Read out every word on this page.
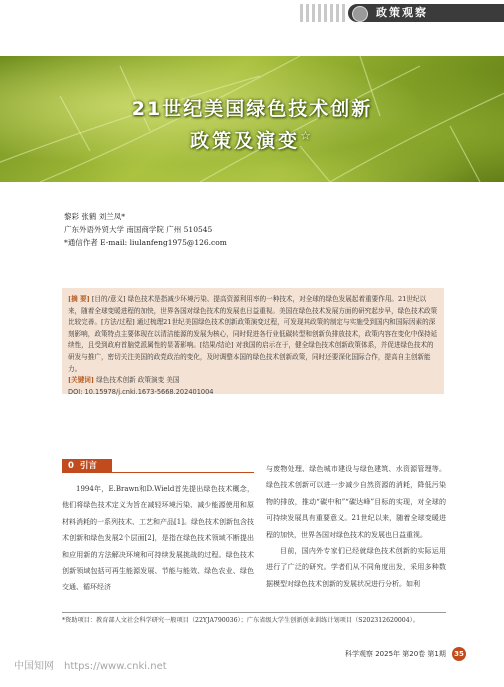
政策观察
21世纪美国绿色技术创新
政策及演变☆
黎彩 张鹤 刘兰凤*
广东外语外贸大学 南国商学院 广州 510545
*通信作者 E-mail: liulanfeng1975@126.com

[摘 要] [目的/意义] 绿色技术是指减少环境污染、提高资源利用率的一种技术，对全球的绿色发展起着重要作用。21世纪以来，随着全球变暖进程的加快，世界各国对绿色技术的发展也日益重视。美国在绿色技术发展方面的研究起步早，绿色技术政策比较完善。[方法/过程] 通过梳理21世纪美国绿色技术创新政策演变过程，可发现其政策的制定与实施受到国内和国际因素的深刻影响，政策特点主要体现在以清洁能源的发展为核心，同时促进各行业低碳转型和创新负排放技术，政策内容在变化中保持延续性，且受到政府首脑党派属性的显著影响。[结果/结论] 对我国的启示在于，健全绿色技术创新政策体系，并促进绿色技术的研发与推广，密切关注美国的政党政治的变化，及时调整本国的绿色技术创新政策，同时还要深化国际合作，提高自主创新能力。

[关键词] 绿色技术创新 政策演变 美国

DOI: 10.15978/j.cnki.1673-5668.202401004

0 引言

1994年，E.Brawn和D.Wield首先提出绿色技术概念，他们将绿色技术定义为旨在减轻环境污染、减少能源使用和原材料消耗的一系列技术、工艺和产品[1]。绿色技术创新包含技术创新和绿色发展2个层面[2]，是指在绿色技术领域不断提出和应用新的方法解决环境和可持续发展挑战的过程。绿色技术创新领域包括可再生能源发展、节能与能效、绿色农业、绿色交通、循环经济

与废物处理、绿色城市建设与绿色建筑、水资源管理等。绿色技术创新可以进一步减少自然资源的消耗，降低污染物的排放，推动“碳中和”“碳达峰”目标的实现，对全球的可持续发展具有重要意义。21世纪以来，随着全球变暖进程的加快，世界各国对绿色技术的发展也日益重视。

目前，国内外专家们已经就绿色技术创新的实际运用进行了广泛的研究。学者们从不同角度出发，采用多种数据模型对绿色技术创新的发展状况进行分析。如利

*资助项目：教育部人文社会科学研究一般项目（22YJA790036）；广东省级大学生创新创业训练计划项目（S202312620004）。
科学观察 2025年 第20卷 第1期	35
中国知网 https://www.cnki.net
